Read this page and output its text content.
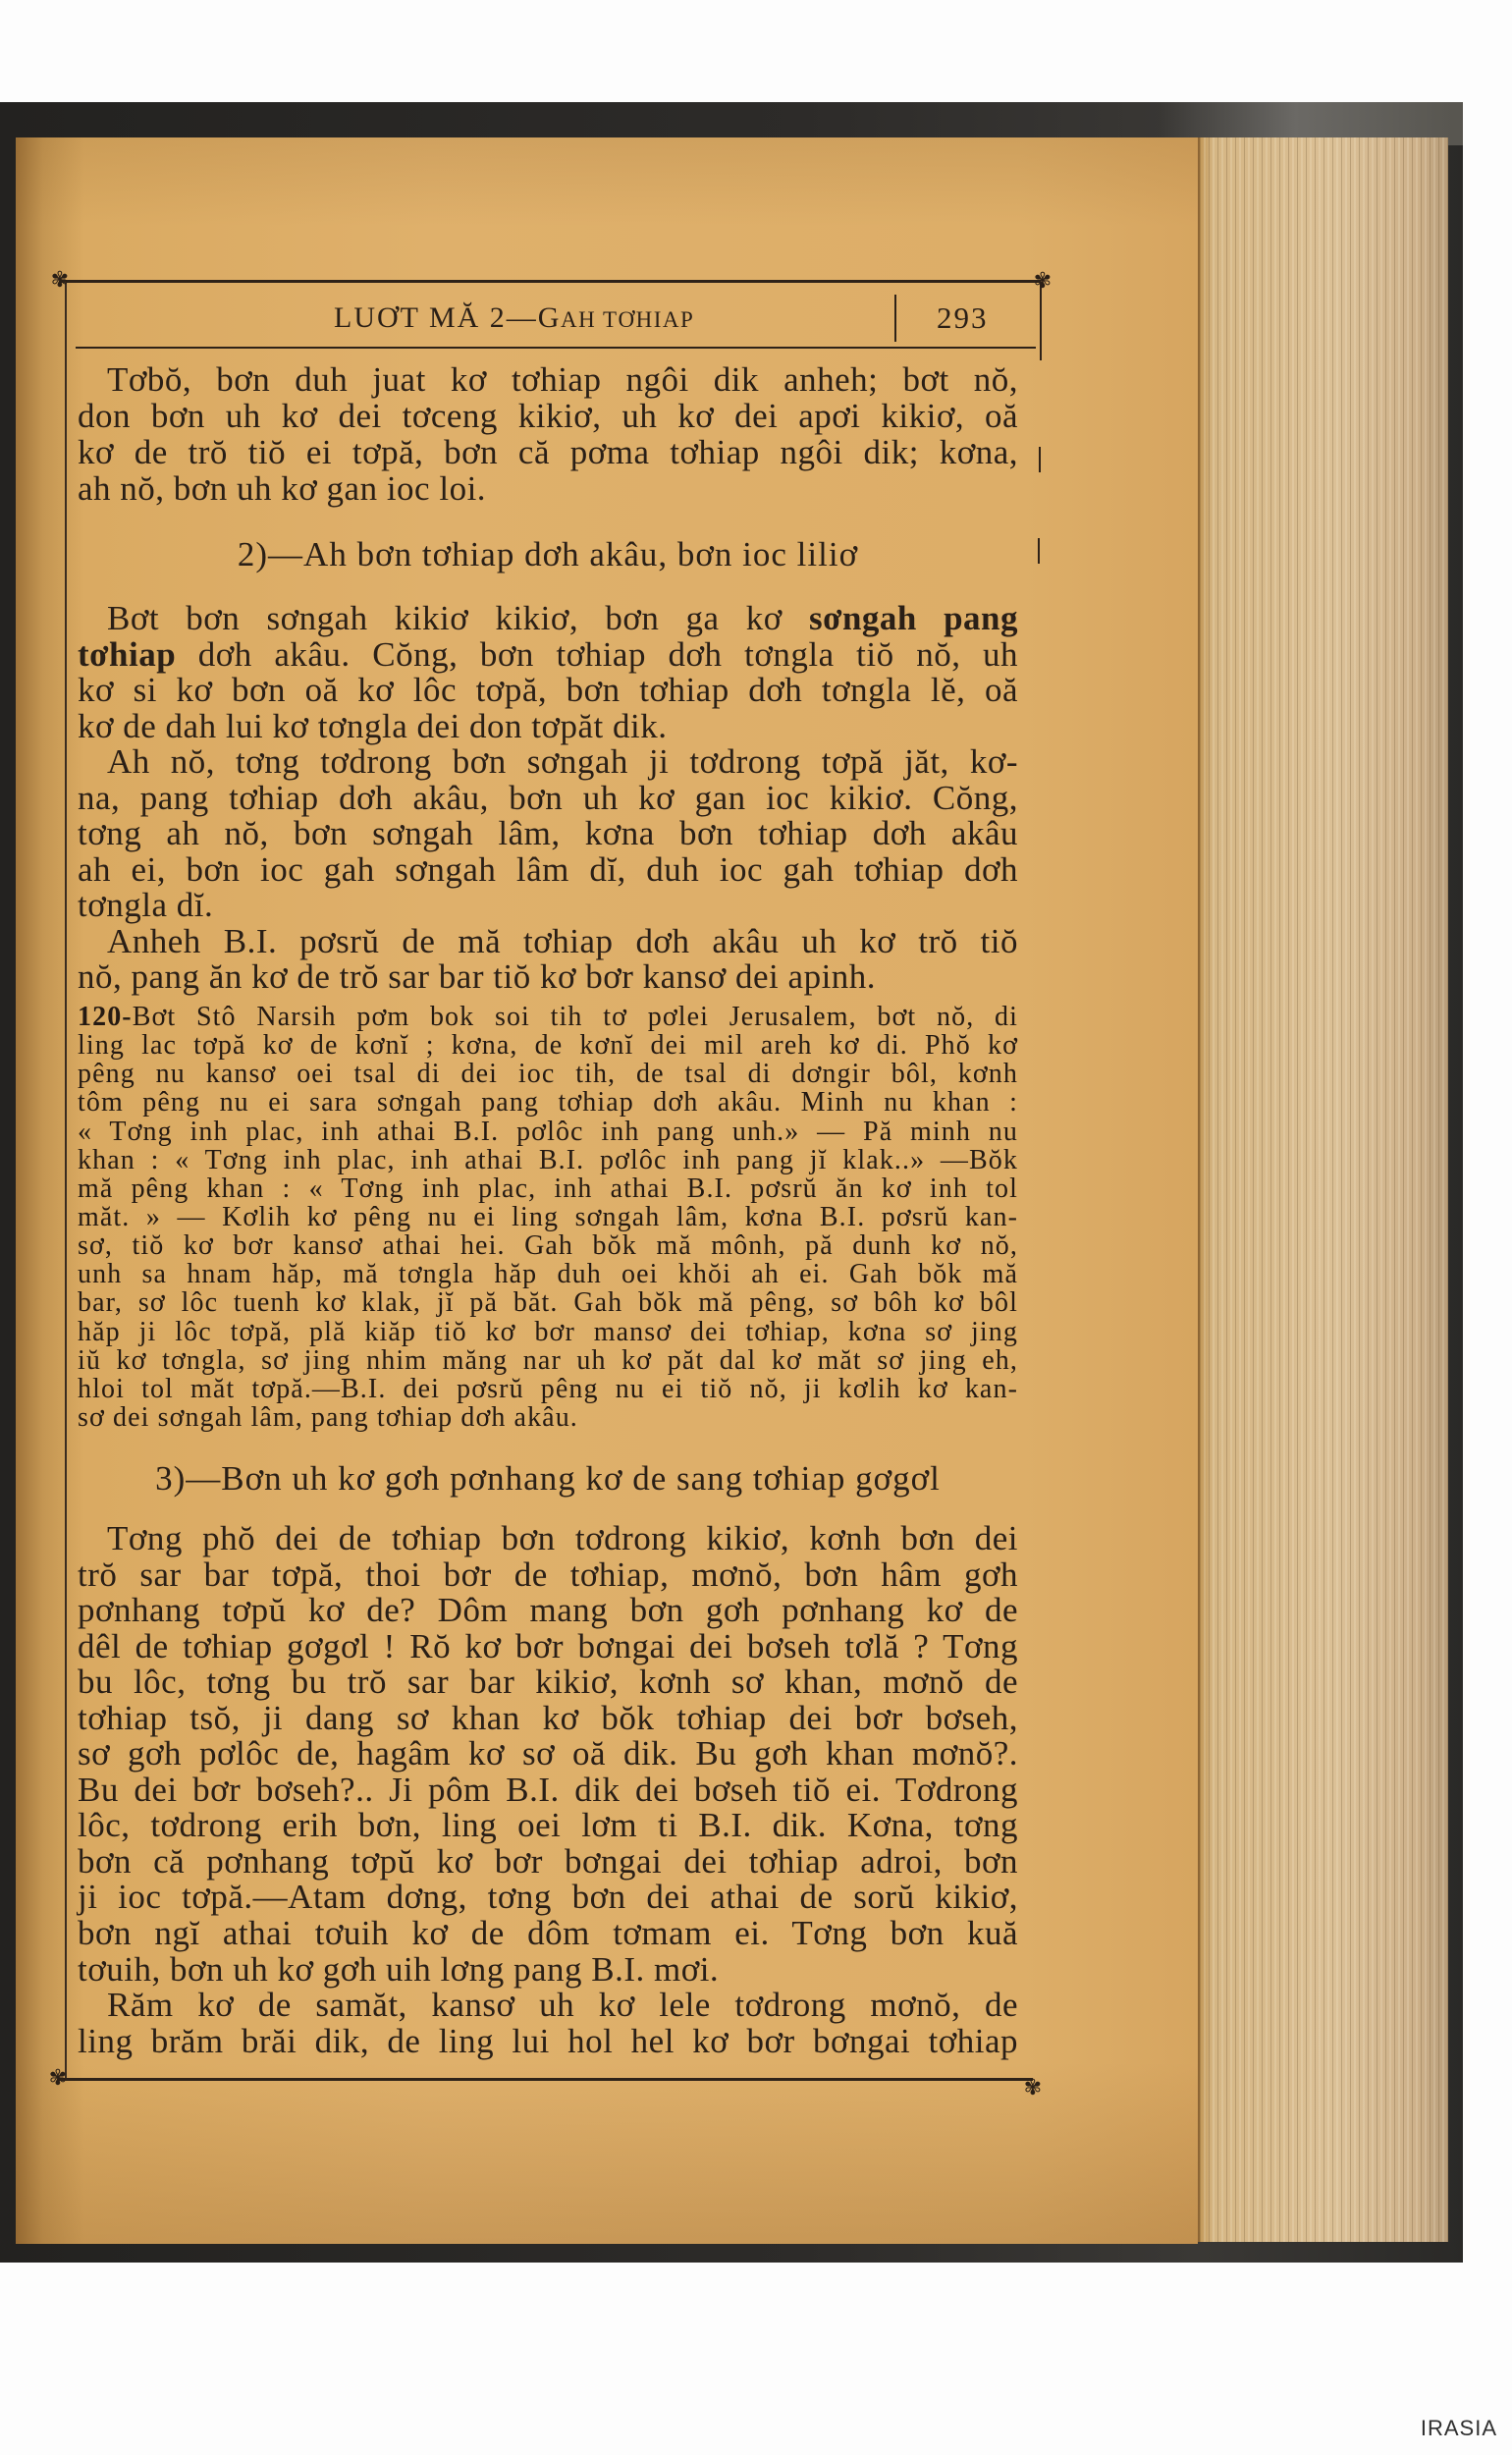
✾
✾
✾
✾
LUƠT MĂ 2—GAH TƠHIAP	293
Tơbŏ, bơn duh juat kơ tơhiap ngôi dik anheh; bơt nŏ,
don bơn uh kơ dei tơceng kikiơ, uh kơ dei apơi kikiơ, oă
kơ de trŏ tiŏ ei tơpă, bơn că pơma tơhiap ngôi dik; kơna,
ah nŏ, bơn uh kơ gan ioc loi.
2)—Ah bơn tơhiap dơh akâu, bơn ioc liliơ
Bơt bơn sơngah kikiơ kikiơ, bơn ga kơ sơngah pang
tơhiap dơh akâu. Cŏng, bơn tơhiap dơh tơngla tiŏ nŏ, uh
kơ si kơ bơn oă kơ lôc tơpă, bơn tơhiap dơh tơngla lĕ, oă
kơ de dah lui kơ tơngla dei don tơpăt dik.
Ah nŏ, tơng tơdrong bơn sơngah ji tơdrong tơpă jăt, kơ-
na, pang tơhiap dơh akâu, bơn uh kơ gan ioc kikiơ. Cŏng,
tơng ah nŏ, bơn sơngah lâm, kơna bơn tơhiap dơh akâu
ah ei, bơn ioc gah sơngah lâm dĭ, duh ioc gah tơhiap dơh
tơngla dĭ.
Anheh B.I. pơsrŭ de mă tơhiap dơh akâu uh kơ trŏ tiŏ
nŏ, pang ăn kơ de trŏ sar bar tiŏ kơ bơr kansơ dei apinh.
120-Bơt Stô Narsih pơm bok soi tih tơ pơlei Jerusalem, bơt nŏ, di
ling lac tơpă kơ de kơnĭ ; kơna, de kơnĭ dei mil areh kơ di. Phŏ kơ
pêng nu kansơ oei tsal di dei ioc tih, de tsal di dơngir bôl, kơnh
tôm pêng nu ei sara sơngah pang tơhiap dơh akâu. Minh nu khan :
« Tơng inh plac, inh athai B.I. pơlôc inh pang unh.» — Pă minh nu
khan : « Tơng inh plac, inh athai B.I. pơlôc inh pang jĭ klak..» —Bŏk
mă pêng khan : « Tơng inh plac, inh athai B.I. pơsrŭ ăn kơ inh tol
măt. » — Kơlih kơ pêng nu ei ling sơngah lâm, kơna B.I. pơsrŭ kan-
sơ, tiŏ kơ bơr kansơ athai hei. Gah bŏk mă mônh, pă dunh kơ nŏ,
unh sa hnam hăp, mă tơngla hăp duh oei khŏi ah ei. Gah bŏk mă
bar, sơ lôc tuenh kơ klak, jĭ pă băt. Gah bŏk mă pêng, sơ bôh kơ bôl
hăp ji lôc tơpă, plă kiăp tiŏ kơ bơr mansơ dei tơhiap, kơna sơ jing
iŭ kơ tơngla, sơ jing nhim măng nar uh kơ păt dal kơ măt sơ jing eh,
hloi tol măt tơpă.—B.I. dei pơsrŭ pêng nu ei tiŏ nŏ, ji kơlih kơ kan-
sơ dei sơngah lâm, pang tơhiap dơh akâu.
3)—Bơn uh kơ gơh pơnhang kơ de sang tơhiap gơgơl
Tơng phŏ dei de tơhiap bơn tơdrong kikiơ, kơnh bơn dei
trŏ sar bar tơpă, thoi bơr de tơhiap, mơnŏ, bơn hâm gơh
pơnhang tơpŭ kơ de? Dôm mang bơn gơh pơnhang kơ de
dêl de tơhiap gơgơl ! Rŏ kơ bơr bơngai dei bơseh tơlă ? Tơng
bu lôc, tơng bu trŏ sar bar kikiơ, kơnh sơ khan, mơnŏ de
tơhiap tsŏ, ji dang sơ khan kơ bŏk tơhiap dei bơr bơseh,
sơ gơh pơlôc de, hagâm kơ sơ oă dik. Bu gơh khan mơnŏ?.
Bu dei bơr bơseh?.. Ji pôm B.I. dik dei bơseh tiŏ ei. Tơdrong
lôc, tơdrong erih bơn, ling oei lơm ti B.I. dik. Kơna, tơng
bơn că pơnhang tơpŭ kơ bơr bơngai dei tơhiap adroi, bơn
ji ioc tơpă.—Atam dơng, tơng bơn dei athai de sorŭ kikiơ,
bơn ngĭ athai tơuih kơ de dôm tơmam ei. Tơng bơn kuă
tơuih, bơn uh kơ gơh uih lơng pang B.I. mơi.
Răm kơ de samăt, kansơ uh kơ lele tơdrong mơnŏ, de
ling brăm brăi dik, de ling lui hol hel kơ bơr bơngai tơhiap
IRASIA
